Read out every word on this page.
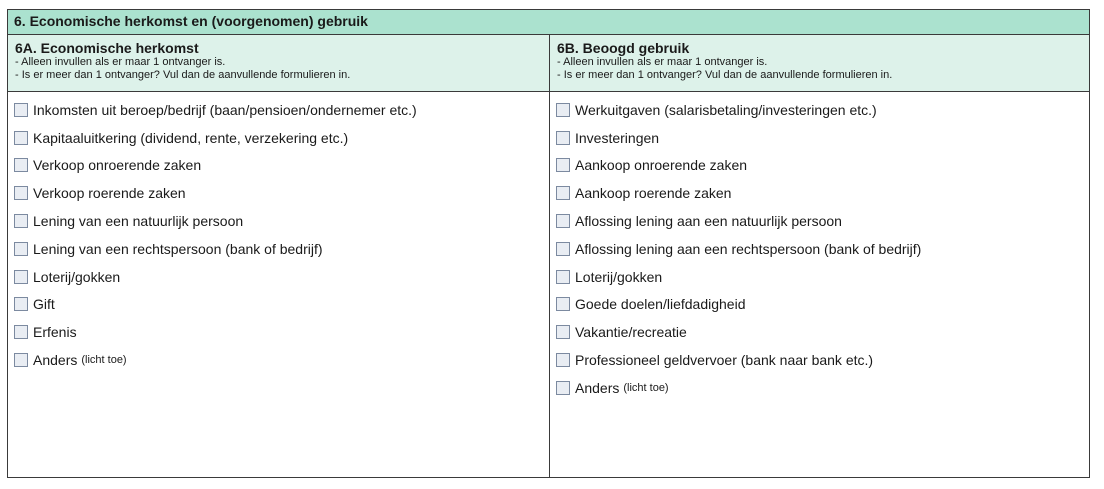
6. Economische herkomst en (voorgenomen) gebruik
6A. Economische herkomst
- Alleen invullen als er maar 1 ontvanger is.
- Is er meer dan 1 ontvanger? Vul dan de aanvullende formulieren in.
Inkomsten uit beroep/bedrijf (baan/pensioen/ondernemer etc.)
Kapitaaluitkering (dividend, rente, verzekering etc.)
Verkoop onroerende zaken
Verkoop roerende zaken
Lening van een natuurlijk persoon
Lening van een rechtspersoon (bank of bedrijf)
Loterij/gokken
Gift
Erfenis
Anders (licht toe)
6B. Beoogd gebruik
- Alleen invullen als er maar 1 ontvanger is.
- Is er meer dan 1 ontvanger? Vul dan de aanvullende formulieren in.
Werkuitgaven (salarisbetaling/investeringen etc.)
Investeringen
Aankoop onroerende zaken
Aankoop roerende zaken
Aflossing lening aan een natuurlijk persoon
Aflossing lening aan een rechtspersoon (bank of bedrijf)
Loterij/gokken
Goede doelen/liefdadigheid
Vakantie/recreatie
Professioneel geldvervoer (bank naar bank etc.)
Anders (licht toe)
